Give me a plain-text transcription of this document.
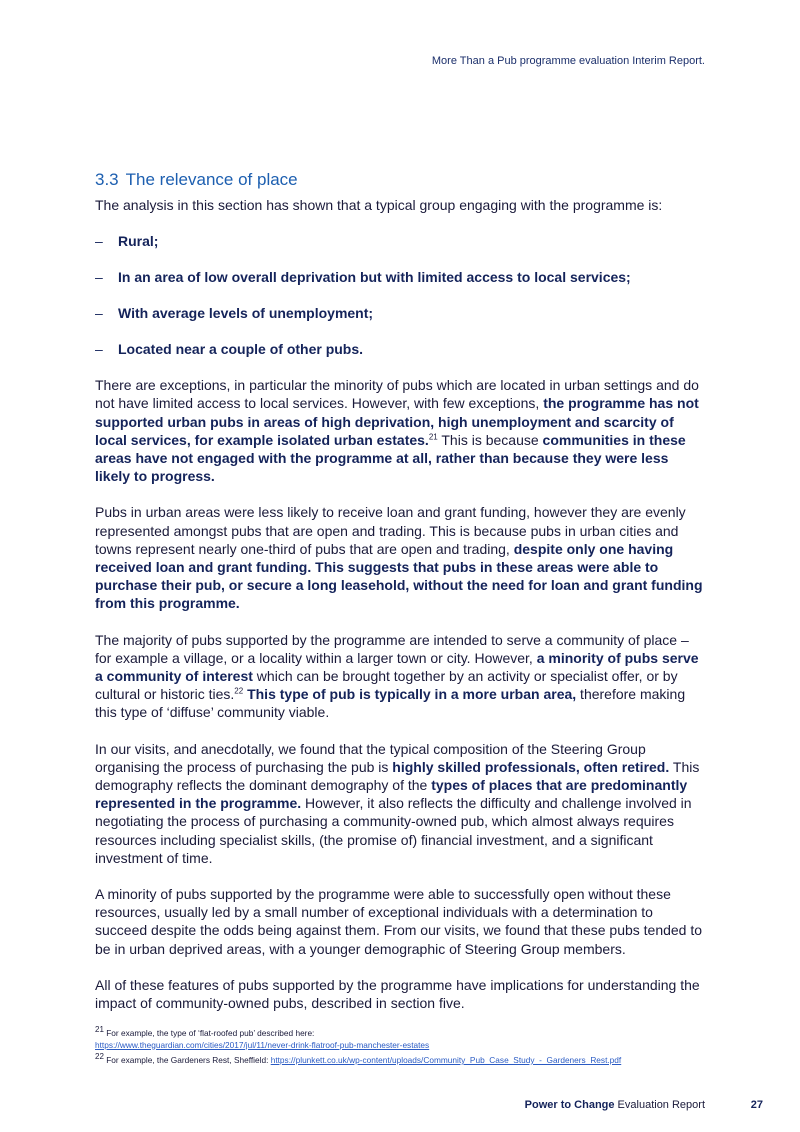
More Than a Pub programme evaluation Interim Report.
3.3 The relevance of place

The analysis in this section has shown that a typical group engaging with the programme is:

–	Rural;
–	In an area of low overall deprivation but with limited access to local services;
–	With average levels of unemployment;
–	Located near a couple of other pubs.

There are exceptions, in particular the minority of pubs which are located in urban settings and do not have limited access to local services. However, with few exceptions, the programme has not supported urban pubs in areas of high deprivation, high unemployment and scarcity of local services, for example isolated urban estates.$^{21}$ This is because communities in these areas have not engaged with the programme at all, rather than because they were less likely to progress.

Pubs in urban areas were less likely to receive loan and grant funding, however they are evenly represented amongst pubs that are open and trading. This is because pubs in urban cities and towns represent nearly one-third of pubs that are open and trading, despite only one having received loan and grant funding. This suggests that pubs in these areas were able to purchase their pub, or secure a long leasehold, without the need for loan and grant funding from this programme.

The majority of pubs supported by the programme are intended to serve a community of place – for example a village, or a locality within a larger town or city. However, a minority of pubs serve a community of interest which can be brought together by an activity or specialist offer, or by cultural or historic ties.$^{22}$ This type of pub is typically in a more urban area, therefore making this type of ‘diffuse’ community viable.

In our visits, and anecdotally, we found that the typical composition of the Steering Group organising the process of purchasing the pub is highly skilled professionals, often retired. This demography reflects the dominant demography of the types of places that are predominantly represented in the programme. However, it also reflects the difficulty and challenge involved in negotiating the process of purchasing a community-owned pub, which almost always requires resources including specialist skills, (the promise of) financial investment, and a significant investment of time.

A minority of pubs supported by the programme were able to successfully open without these resources, usually led by a small number of exceptional individuals with a determination to succeed despite the odds being against them. From our visits, we found that these pubs tended to be in urban deprived areas, with a younger demographic of Steering Group members.

All of these features of pubs supported by the programme have implications for understanding the impact of community-owned pubs, described in section five.

$^{21}$ For example, the type of ‘flat-roofed pub’ described here:
https://www.theguardian.com/cities/2017/jul/11/never-drink-flatroof-pub-manchester-estates
$^{22}$ For example, the Gardeners Rest, Sheffield: https://plunkett.co.uk/wp-content/uploads/Community_Pub_Case_Study_-_Gardeners_Rest.pdf
Power to Change Evaluation Report	27
